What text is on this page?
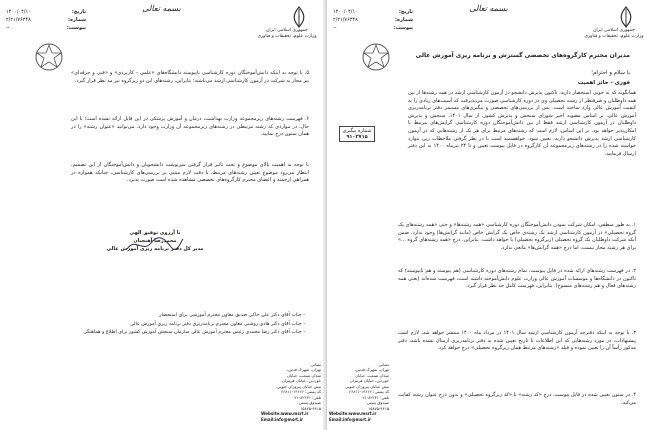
بسمه تعالی
جمهوری اسلامی ایران
وزارت علوم، تحقیقات و فناوری
تاریخ:
۱۴۰۰/۰۴/۱۰
شماره:
۲/۲۱/۷۶۳۴۸
پیوست:
--
۵. با توجه به اینکه دانش‌آموختگان دوره کارشناسی ناپیوسته دانشگاه‌های «علمی - کاربردی» و «فنی و حرفه‌ای» نیز مجاز به شرکت در آزمون کارشناسی ارشد می‌باشند؛ بنابراین، رشته‌های این دو زیرگروه نیز مد نظر قرار گیرد.
۶. فهرست رشته‌های زیرمجموعه وزارت بهداشت، درمان و آموزش پزشکی در این فایل ارائه نشده است؛ با این حال، در مواردی که رشته مرتبطی در رشته‌های زیرمجموعه آن وزارت وجود دارد، می‌توانید «عنوان رشته» را در همان ستون درج نمایید.
با توجه به اهمیت بالای موضوع و تحت تاثیر قرار گرفتن سرنوشت دانشجویان و دانش‌آموختگان از این تصمیم، انتظار می‌رود موضوع تعیین رشته‌های مرتبط، با دقت لازم مبتنی بر بررسی‌های کارشناسی، چنانکه همواره در همراهی ارجمند و اعضای محترم کارگروه‌های تخصصی مشاهده شده است صورت پذیرد.
با آرزوی توفیق الهی
محمدرضا آهنچیان
مدیر کل دفتر برنامه ریزی آموزش عالی
- جناب آقای دکتر علی خاکی صدیق معاون محترم آموزشی برای استحضار
- جناب آقای دکتر هادی روشنی معاون محترم برنامه‌ریزی دفتر برنامه ریزی آموزش عالی
- جناب آقای دکتر رضا محمدی رئیس محترم آموزش عالی سازمان سنجش آموزش کشور برای اطلاع و هماهنگی
نشانی:
تهران، شهرک قدس،
میدان صنعت، خیابان
خوردین، خیابان هرمزان
نبش خیابان پیروزان جنوبی
کد پستی: ۱۴۶۶۶-۶۶۸۱۱
تلفن: ۸۲۲۳۱-۰۲۱
صندوق پستی:
۱۵۸۷۵-۴۴۱۵
Website:www.msrt.ir
Email:info@msrt.ir
بسمه تعالی
جمهوری اسلامی ایران
وزارت علوم، تحقیقات و فناوری
تاریخ:
۱۴۰۰/۰۴/۱۰
شماره:
۲/۲۱/۷۶۳۴۸
پیوست:
--
مدیران محترم کارگروه‌های تخصصی گسترش و برنامه ریزی آموزش عالی
با سلام و احترام؛
فوری - حائز اهمیت
شماره پیگیری
۹۱۰۲۷۱۵
همانگونه که به خوبی استحضار دارید، تاکنون پذیرش دانشجو در آزمون کارشناسی ارشد در همه رشته‌ها از بین همه داوطلبان و صرفنظر از رشته تحصیلی وی در دوره کارشناسی صورت می‌پذیرفت که آسیب‌های زیادی را به کیفیت آموزش عالی وارد ساخته است. پس از بررسی‌های تخصصی و پیگیری‌های مستمر دفتر برنامه‌ریزی آموزش عالی، بر اساس مصوبه اخیر شورای سنجش و پذیرش کشور، از سال ۱۴۰۱، سنجش و پذیرش داوطلبان در آزمون کارشناسی ارشد فقط از بین دانش‌آموختگان دوره کارشناسی گرایش‌های مرتبط با امکان‌پذیر خواهد بود. بر این اساس، لازم است که رشته‌های مرتبط برای هر یک از رشته‌هایی که در آزمون کارشناسی ارشد پذیرش دانشجو دارند، تعیین شود. خواهشمند است با در نظر گرفتن ملاحظات زیر، موارد خواسته شده را در رشته‌های زیرمجموعه آن کارگروه در فایل پیوست تعیین و تا ۲۴ تیرماه ۱۴۰۰ به این دفتر ارسال فرمایید.
۱. به طور منطقی، امکان شرکت نمودن دانش‌آموختگان دوره کارشناسی «همه رشته‌ها» و حتی «همه رشته‌های یک گروه تحصیلی» در آزمون کارشناسی ارشد یک رشته‌ی خاص یک گرایش خاص (مانند گرایش‌ها) وجود ندارد. ضمن آنکه شرکت داوطلبان یک گروه تحصیلی (زیرگروه تحصیلی) با خواهد داشت. بنابراین، درج «همه رشته‌های گروه ...» برای هر رشته مجاز نیست، اما درج «همه گرایش‌ها» مانعی ندارد.
۲. در فهرست رشته‌های ارائه شده در فایل پیوست، تمام رشته‌های دوره کارشناسی (هم پیوسته و هم ناپیوسته) که تاکنون در دانشگاه‌ها و موسسات آموزش عالی وزارت علوم دانش‌آموخته داشته است، فهرست شده‌اند (یعنی همه رشته‌های فعال و هم رشته‌های منسوخ). بنابراین، فهرست کامل حد نظر قرار گیرد.
۳. با توجه به اینکه دفترچه آزمون کارشناسی ارشد سال ۱۴۰۱ در مرداد ماه ۱۴۰۰ منتشر خواهد شد، لازم است پیشنهادات، در مورد رشته‌هایی که این اطلاعات تا تاریخ تعیین شده به دفتر برنامه‌ریزی ارسال نشده باشد، دفتر مذکور رأساً آن را تعیین نموده و فیلد «رشته‌های مرتبط همان زیرگروه تحصیلی» درج خواهد کرد.
۴. در ستون تعیین شده در فایل پیوست، درج «کد رشته» یا «کد زیرگروه تحصیلی» و بدون درج عنوان رشته کفایت می‌کند.
نشانی:
تهران، شهرک قدس،
میدان صنعت، خیابان
خوردین، خیابان هرمزان
نبش خیابان پیروزان جنوبی
کد پستی: ۱۴۶۶۶-۶۶۸۱۱
تلفن: ۸۲۲۳۱-۰۲۱
صندوق پستی:
۱۵۸۷۵-۴۴۱۵
Website:www.msrt.ir
Email:info@msrt.ir
